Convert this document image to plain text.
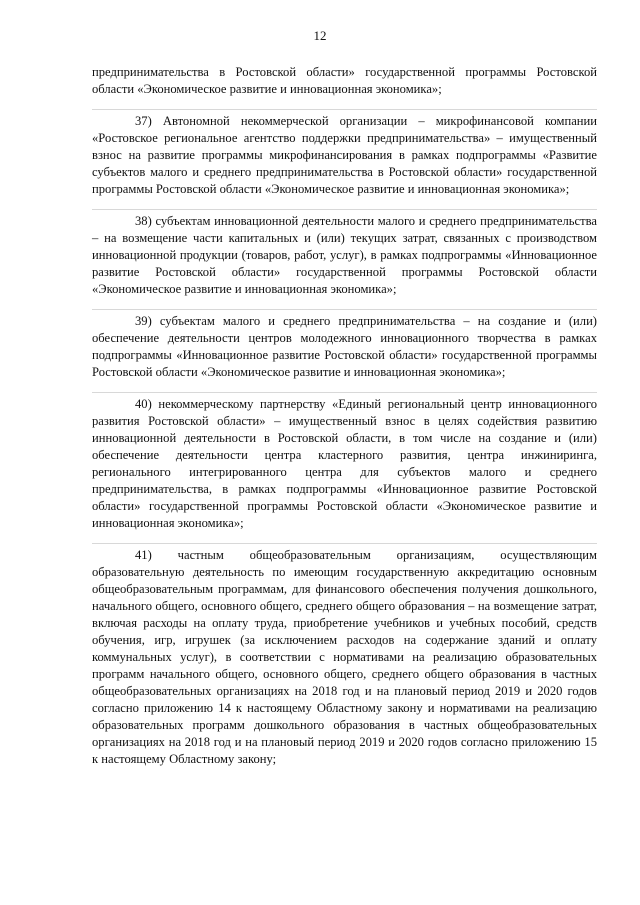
12

предпринимательства в Ростовской области» государственной программы Ростовской области «Экономическое развитие и инновационная экономика»;

37) Автономной некоммерческой организации – микрофинансовой компании «Ростовское региональное агентство поддержки предпринимательства» – имущественный взнос на развитие программы микрофинансирования в рамках подпрограммы «Развитие субъектов малого и среднего предпринимательства в Ростовской области» государственной программы Ростовской области «Экономическое развитие и инновационная экономика»;

38) субъектам инновационной деятельности малого и среднего предпринимательства – на возмещение части капитальных и (или) текущих затрат, связанных с производством инновационной продукции (товаров, работ, услуг), в рамках подпрограммы «Инновационное развитие Ростовской области» государственной программы Ростовской области «Экономическое развитие и инновационная экономика»;

39) субъектам малого и среднего предпринимательства – на создание и (или) обеспечение деятельности центров молодежного инновационного творчества в рамках подпрограммы «Инновационное развитие Ростовской области» государственной программы Ростовской области «Экономическое развитие и инновационная экономика»;

40) некоммерческому партнерству «Единый региональный центр инновационного развития Ростовской области» – имущественный взнос в целях содействия развитию инновационной деятельности в Ростовской области, в том числе на создание и (или) обеспечение деятельности центра кластерного развития, центра инжиниринга, регионального интегрированного центра для субъектов малого и среднего предпринимательства, в рамках подпрограммы «Инновационное развитие Ростовской области» государственной программы Ростовской области «Экономическое развитие и инновационная экономика»;

41) частным общеобразовательным организациям, осуществляющим образовательную деятельность по имеющим государственную аккредитацию основным общеобразовательным программам, для финансового обеспечения получения дошкольного, начального общего, основного общего, среднего общего образования – на возмещение затрат, включая расходы на оплату труда, приобретение учебников и учебных пособий, средств обучения, игр, игрушек (за исключением расходов на содержание зданий и оплату коммунальных услуг), в соответствии с нормативами на реализацию образовательных программ начального общего, основного общего, среднего общего образования в частных общеобразовательных организациях на 2018 год и на плановый период 2019 и 2020 годов согласно приложению 14 к настоящему Областному закону и нормативами на реализацию образовательных программ дошкольного образования в частных общеобразовательных организациях на 2018 год и на плановый период 2019 и 2020 годов согласно приложению 15 к настоящему Областному закону;
